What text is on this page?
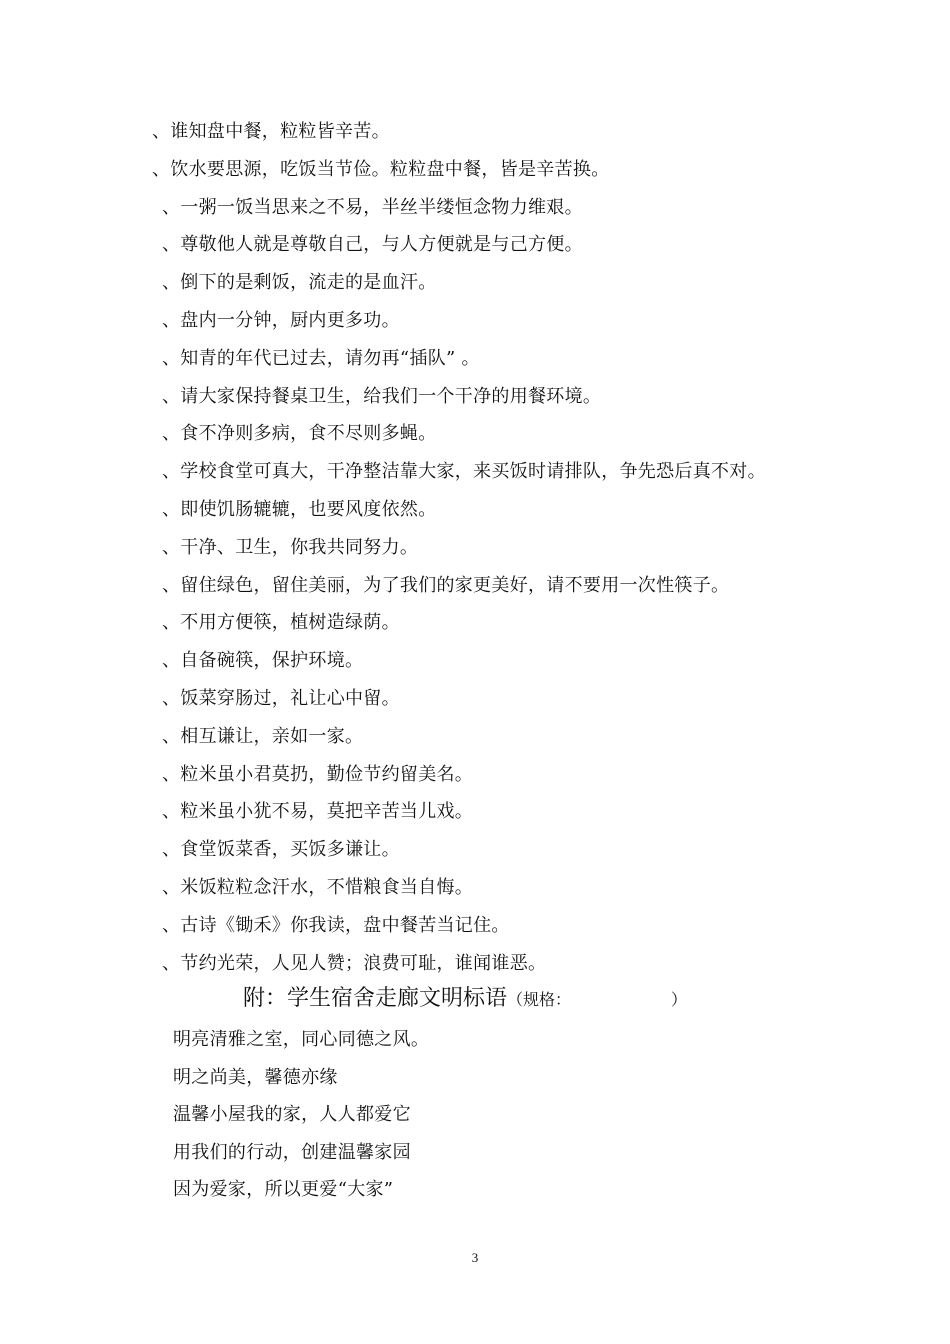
、谁知盘中餐，粒粒皆辛苦。
、饮水要思源，吃饭当节俭。粒粒盘中餐，皆是辛苦换。
、一粥一饭当思来之不易，半丝半缕恒念物力维艰。
、尊敬他人就是尊敬自己，与人方便就是与己方便。
、倒下的是剩饭，流走的是血汗。
、盘内一分钟，厨内更多功。
、知青的年代已过去，请勿再“插队” 。
、请大家保持餐桌卫生，给我们一个干净的用餐环境。
、食不净则多病，食不尽则多蝇。
、学校食堂可真大，干净整洁靠大家，来买饭时请排队，争先恐后真不对。
、即使饥肠辘辘，也要风度依然。
、干净、卫生，你我共同努力。
、留住绿色，留住美丽，为了我们的家更美好，请不要用一次性筷子。
、不用方便筷，植树造绿荫。
、自备碗筷，保护环境。
、饭菜穿肠过，礼让心中留。
、相互谦让，亲如一家。
、粒米虽小君莫扔，勤俭节约留美名。
、粒米虽小犹不易，莫把辛苦当儿戏。
、食堂饭菜香，买饭多谦让。
、米饭粒粒念汗水，不惜粮食当自悔。
、古诗《锄禾》你我读，盘中餐苦当记住。
、节约光荣，人见人赞；浪费可耻，谁闻谁恶。
附：学生宿舍走廊文明标语（规格：	）
明亮清雅之室，同心同德之风。
明之尚美，馨德亦缘
温馨小屋我的家，人人都爱它
用我们的行动，创建温馨家园
因为爱家，所以更爱“大家”
3
